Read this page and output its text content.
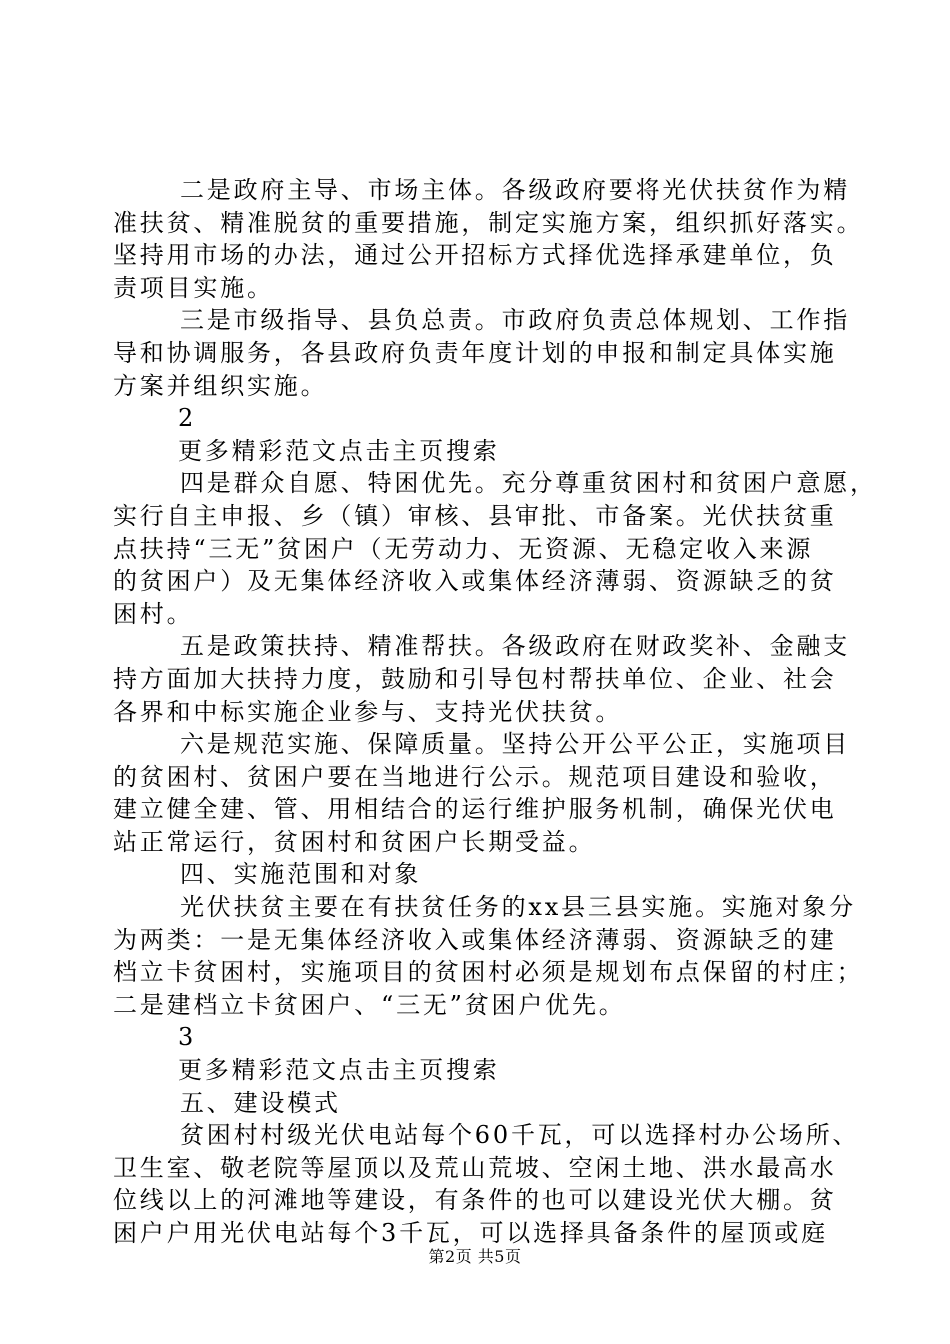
二是政府主导、市场主体。各级政府要将光伏扶贫作为精
准扶贫、精准脱贫的重要措施，制定实施方案，组织抓好落实。
坚持用市场的办法，通过公开招标方式择优选择承建单位，负
责项目实施。
三是市级指导、县负总责。市政府负责总体规划、工作指
导和协调服务，各县政府负责年度计划的申报和制定具体实施
方案并组织实施。
2
更多精彩范文点击主页搜索
四是群众自愿、特困优先。充分尊重贫困村和贫困户意愿，
实行自主申报、乡（镇）审核、县审批、市备案。光伏扶贫重
点扶持“三无”贫困户（无劳动力、无资源、无稳定收入来源
的贫困户）及无集体经济收入或集体经济薄弱、资源缺乏的贫
困村。
五是政策扶持、精准帮扶。各级政府在财政奖补、金融支
持方面加大扶持力度，鼓励和引导包村帮扶单位、企业、社会
各界和中标实施企业参与、支持光伏扶贫。
六是规范实施、保障质量。坚持公开公平公正，实施项目
的贫困村、贫困户要在当地进行公示。规范项目建设和验收，
建立健全建、管、用相结合的运行维护服务机制，确保光伏电
站正常运行，贫困村和贫困户长期受益。
四、实施范围和对象
光伏扶贫主要在有扶贫任务的xx县三县实施。实施对象分
为两类：一是无集体经济收入或集体经济薄弱、资源缺乏的建
档立卡贫困村，实施项目的贫困村必须是规划布点保留的村庄；
二是建档立卡贫困户、“三无”贫困户优先。
3
更多精彩范文点击主页搜索
五、建设模式
贫困村村级光伏电站每个60千瓦，可以选择村办公场所、
卫生室、敬老院等屋顶以及荒山荒坡、空闲土地、洪水最高水
位线以上的河滩地等建设，有条件的也可以建设光伏大棚。贫
困户户用光伏电站每个3千瓦，可以选择具备条件的屋顶或庭
第2页 共5页
